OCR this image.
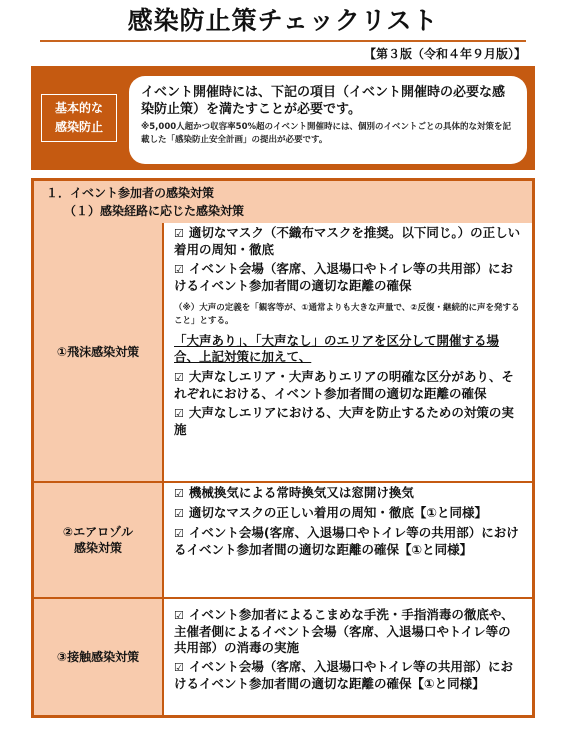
感染防止策チェックリスト
【第３版（令和４年９月版）】
基本的な
感染防止
イベント開催時には、下記の項目（イベント開催時の必要な感染防止策）を満たすことが必要です。
※5,000人超かつ収容率50%超のイベント開催時には、個別のイベントごとの具体的な対策を記載した「感染防止安全計画」の提出が必要です。
１．イベント参加者の感染対策
（１）感染経路に応じた感染対策
①飛沫感染対策
☑ 適切なマスク（不織布マスクを推奨。以下同じ。）の正しい着用の周知・徹底
☑ イベント会場（客席、入退場口やトイレ等の共用部）におけるイベント参加者間の適切な距離の確保
（※）大声の定義を「観客等が、①通常よりも大きな声量で、②反復・継続的に声を発すること」とする。
「大声あり」、「大声なし」のエリアを区分して開催する場合、上記対策に加えて、
☑ 大声なしエリア・大声ありエリアの明確な区分があり、それぞれにおける、イベント参加者間の適切な距離の確保
☑ 大声なしエリアにおける、大声を防止するための対策の実施
②エアロゾル
感染対策
☑ 機械換気による常時換気又は窓開け換気
☑ 適切なマスクの正しい着用の周知・徹底【①と同様】
☑ イベント会場(客席、入退場口やトイレ等の共用部）におけるイベント参加者間の適切な距離の確保【①と同様】
③接触感染対策
☑ イベント参加者によるこまめな手洗・手指消毒の徹底や、主催者側によるイベント会場（客席、入退場口やトイレ等の共用部）の消毒の実施
☑ イベント会場（客席、入退場口やトイレ等の共用部）におけるイベント参加者間の適切な距離の確保【①と同様】
